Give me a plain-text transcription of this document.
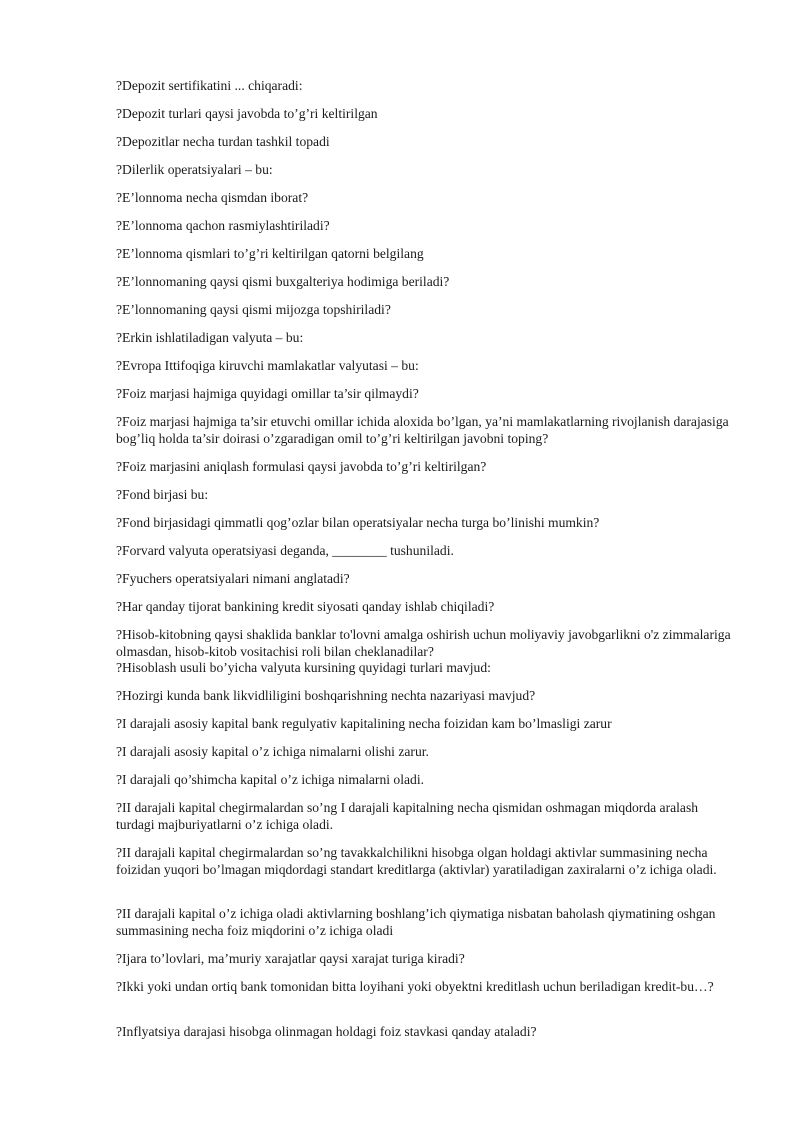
?Depozit sertifikatini ... chiqaradi:

?Depozit turlari qaysi javobda to’g’ri keltirilgan

?Depozitlar necha turdan tashkil topadi

?Dilerlik operatsiyalari – bu:

?E’lonnoma necha qismdan iborat?

?E’lonnoma qachon rasmiylashtiriladi?

?E’lonnoma qismlari to’g’ri keltirilgan qatorni belgilang

?E’lonnomaning qaysi qismi buxgalteriya hodimiga beriladi?

?E’lonnomaning qaysi qismi mijozga topshiriladi?

?Erkin ishlatiladigan valyuta – bu:

?Evropa Ittifoqiga kiruvchi mamlakatlar valyutasi – bu:

?Foiz marjasi hajmiga quyidagi omillar ta’sir qilmaydi?

?Foiz marjasi hajmiga ta’sir etuvchi omillar ichida aloxida bo’lgan, ya’ni mamlakatlarning rivojlanish darajasiga bog’liq holda ta’sir doirasi o’zgaradigan omil to’g’ri keltirilgan javobni toping?

?Foiz marjasini aniqlash formulasi qaysi javobda to’g’ri keltirilgan?

?Fond birjasi bu:

?Fond birjasidagi qimmatli qog’ozlar bilan operatsiyalar necha turga bo’linishi mumkin?

?Forvard valyuta operatsiyasi deganda, ________ tushuniladi.

?Fyuchers operatsiyalari nimani anglatadi?

?Har qanday tijorat bankining kredit siyosati qanday ishlab chiqiladi?

?Hisob-kitobning qaysi shaklida banklar to'lovni amalga oshirish uchun moliyaviy javobgarlikni o'z zimmalariga olmasdan, hisob-kitob vositachisi roli bilan cheklanadilar?

?Hisoblash usuli bo’yicha valyuta kursining quyidagi turlari mavjud:

?Hozirgi kunda bank likvidliligini boshqarishning nechta nazariyasi mavjud?

?I darajali asosiy kapital bank regulyativ kapitalining necha foizidan kam bo’lmasligi zarur

?I darajali asosiy kapital o’z ichiga nimalarni olishi zarur.

?I darajali qo’shimcha kapital o’z ichiga nimalarni oladi.

?II darajali kapital chegirmalardan so’ng I darajali kapitalning necha qismidan oshmagan miqdorda aralash turdagi majburiyatlarni o’z ichiga oladi.

?II darajali kapital chegirmalardan so’ng tavakkalchilikni hisobga olgan holdagi aktivlar summasining necha foizidan yuqori bo’lmagan miqdordagi standart kreditlarga (aktivlar) yaratiladigan zaxiralarni o’z ichiga oladi.

?II darajali kapital o’z ichiga oladi aktivlarning boshlang’ich qiymatiga nisbatan baholash qiymatining oshgan summasining necha foiz miqdorini o’z ichiga oladi

?Ijara to’lovlari, ma’muriy xarajatlar qaysi xarajat turiga kiradi?

?Ikki yoki undan ortiq bank tomonidan bitta loyihani yoki obyektni kreditlash uchun beriladigan kredit-bu…?

?Inflyatsiya darajasi hisobga olinmagan holdagi foiz stavkasi qanday ataladi?
